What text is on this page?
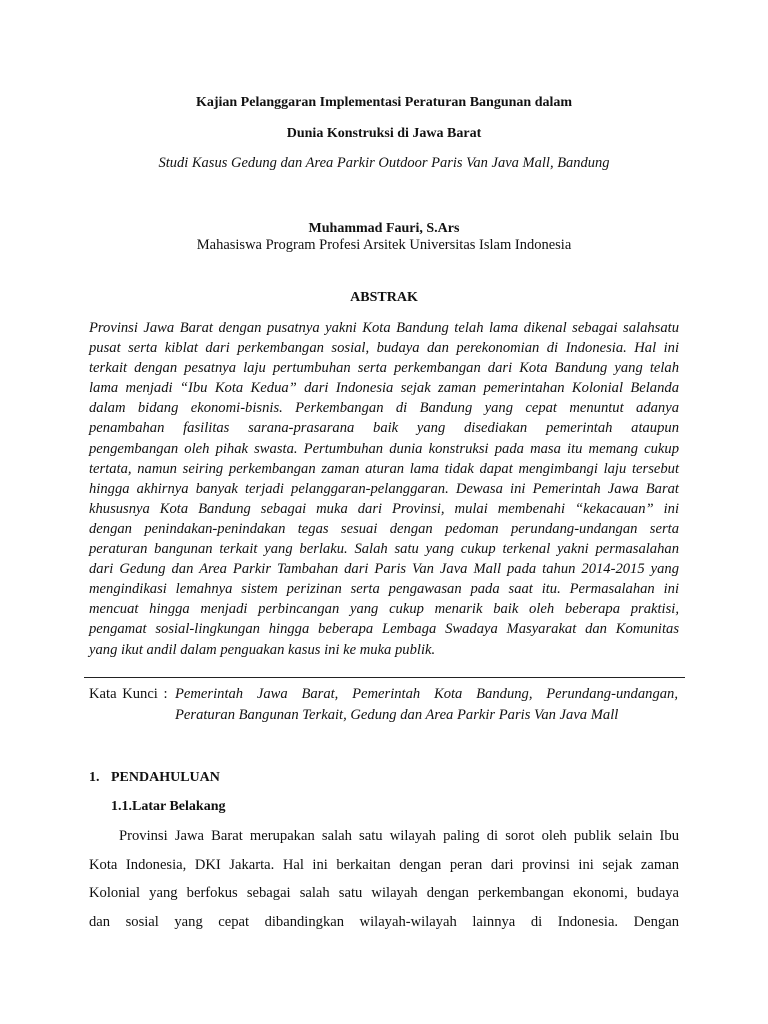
Kajian Pelanggaran Implementasi Peraturan Bangunan dalam
Dunia Konstruksi di Jawa Barat
Studi Kasus Gedung dan Area Parkir Outdoor Paris Van Java Mall, Bandung
Muhammad Fauri, S.Ars
Mahasiswa Program Profesi Arsitek Universitas Islam Indonesia
ABSTRAK
Provinsi Jawa Barat dengan pusatnya yakni Kota Bandung telah lama dikenal sebagai salahsatu
pusat serta kiblat dari perkembangan sosial, budaya dan perekonomian di Indonesia. Hal ini
terkait dengan pesatnya laju pertumbuhan serta perkembangan dari Kota Bandung yang telah
lama menjadi “Ibu Kota Kedua” dari Indonesia sejak zaman pemerintahan Kolonial Belanda
dalam bidang ekonomi-bisnis. Perkembangan di Bandung yang cepat menuntut adanya
penambahan fasilitas sarana-prasarana baik yang disediakan pemerintah ataupun
pengembangan oleh pihak swasta. Pertumbuhan dunia konstruksi pada masa itu memang cukup
tertata, namun seiring perkembangan zaman aturan lama tidak dapat mengimbangi laju tersebut
hingga akhirnya banyak terjadi pelanggaran-pelanggaran. Dewasa ini Pemerintah Jawa Barat
khususnya Kota Bandung sebagai muka dari Provinsi, mulai membenahi “kekacauan” ini
dengan penindakan-penindakan tegas sesuai dengan pedoman perundang-undangan serta
peraturan bangunan terkait yang berlaku. Salah satu yang cukup terkenal yakni permasalahan
dari Gedung dan Area Parkir Tambahan dari Paris Van Java Mall pada tahun 2014-2015 yang
mengindikasi lemahnya sistem perizinan serta pengawasan pada saat itu. Permasalahan ini
mencuat hingga menjadi perbincangan yang cukup menarik baik oleh beberapa praktisi,
pengamat sosial-lingkungan hingga beberapa Lembaga Swadaya Masyarakat dan Komunitas
yang ikut andil dalam penguakan kasus ini ke muka publik.
Kata Kunci : Pemerintah Jawa Barat, Pemerintah Kota Bandung, Perundang-undangan,
Peraturan Bangunan Terkait, Gedung dan Area Parkir Paris Van Java Mall
1. PENDAHULUAN
1.1.Latar Belakang
Provinsi Jawa Barat merupakan salah satu wilayah paling di sorot oleh publik selain Ibu
Kota Indonesia, DKI Jakarta. Hal ini berkaitan dengan peran dari provinsi ini sejak zaman
Kolonial yang berfokus sebagai salah satu wilayah dengan perkembangan ekonomi, budaya
dan sosial yang cepat dibandingkan wilayah-wilayah lainnya di Indonesia. Dengan
